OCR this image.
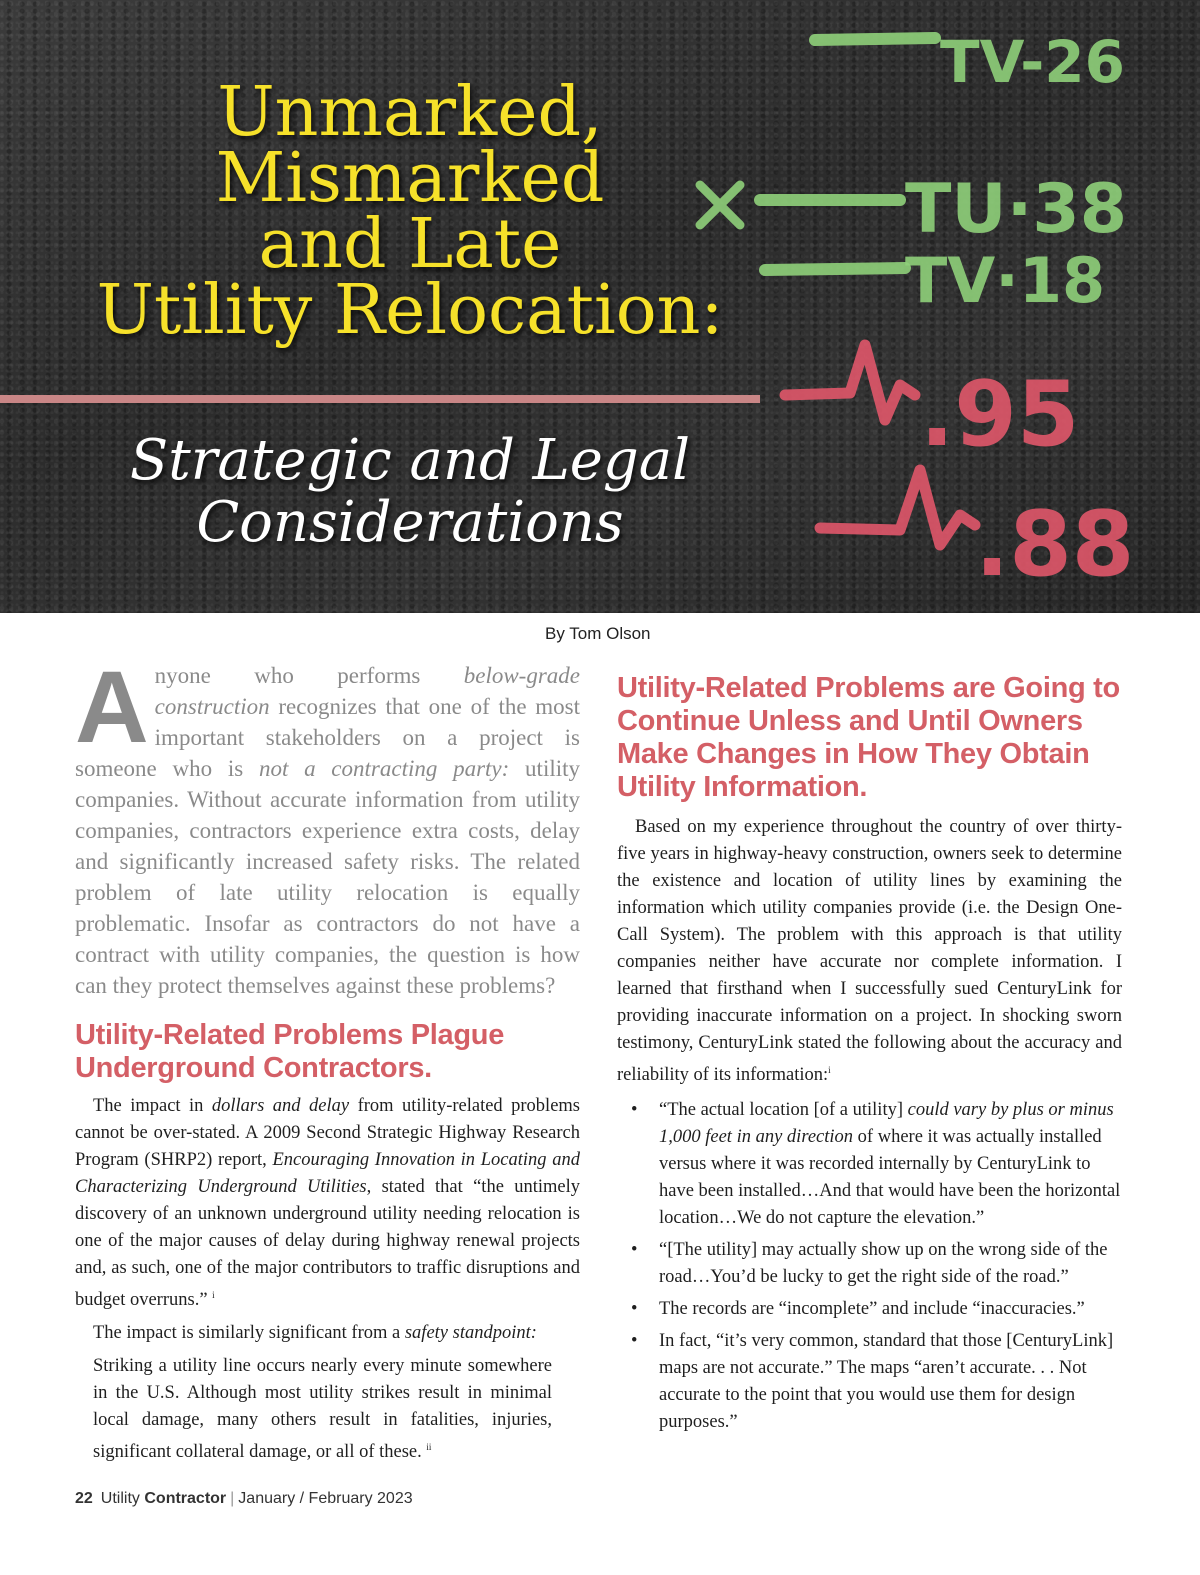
TV-26
TU·38
TV·18
.95
.88
Unmarked,
Mismarked
and Late
Utility Relocation:
Strategic and Legal
Considerations
By Tom Olson

Anyone who performs below-grade construction recognizes that one of the most important stakeholders on a project is someone who is not a contracting party: utility companies. Without accurate information from utility companies, contractors experience extra costs, delay and significantly increased safety risks. The related problem of late utility relocation is equally problematic. Insofar as contractors do not have a contract with utility companies, the question is how can they protect themselves against these problems?

Utility-Related Problems Plague Underground Contractors.

The impact in dollars and delay from utility-related problems cannot be over-stated. A 2009 Second Strategic Highway Research Program (SHRP2) report, Encouraging Innovation in Locating and Characterizing Underground Utilities, stated that “the untimely discovery of an unknown underground utility needing relocation is one of the major causes of delay during highway renewal projects and, as such, one of the major contributors to traffic disruptions and budget overruns.” $^i$

The impact is similarly significant from a safety standpoint:

Striking a utility line occurs nearly every minute somewhere in the U.S. Although most utility strikes result in minimal local damage, many others result in fatalities, injuries, significant collateral damage, or all of these. $^{ii}$

Utility-Related Problems are Going to Continue Unless and Until Owners Make Changes in How They Obtain Utility Information.

Based on my experience throughout the country of over thirty-five years in highway-heavy construction, owners seek to determine the existence and location of utility lines by examining the information which utility companies provide (i.e. the Design One-Call System). The problem with this approach is that utility companies neither have accurate nor complete information. I learned that firsthand when I successfully sued CenturyLink for providing inaccurate information on a project. In shocking sworn testimony, CenturyLink stated the following about the accuracy and reliability of its information:$^i$

• “The actual location [of a utility] could vary by plus or minus 1,000 feet in any direction of where it was actually installed versus where it was recorded internally by CenturyLink to have been installed…And that would have been the horizontal location…We do not capture the elevation.”
• “[The utility] may actually show up on the wrong side of the road…You’d be lucky to get the right side of the road.”
• The records are “incomplete” and include “inaccuracies.”
• In fact, “it’s very common, standard that those [CenturyLink] maps are not accurate.” The maps “aren’t accurate. . . Not accurate to the point that you would use them for design purposes.”
22 Utility Contractor | January / February 2023
